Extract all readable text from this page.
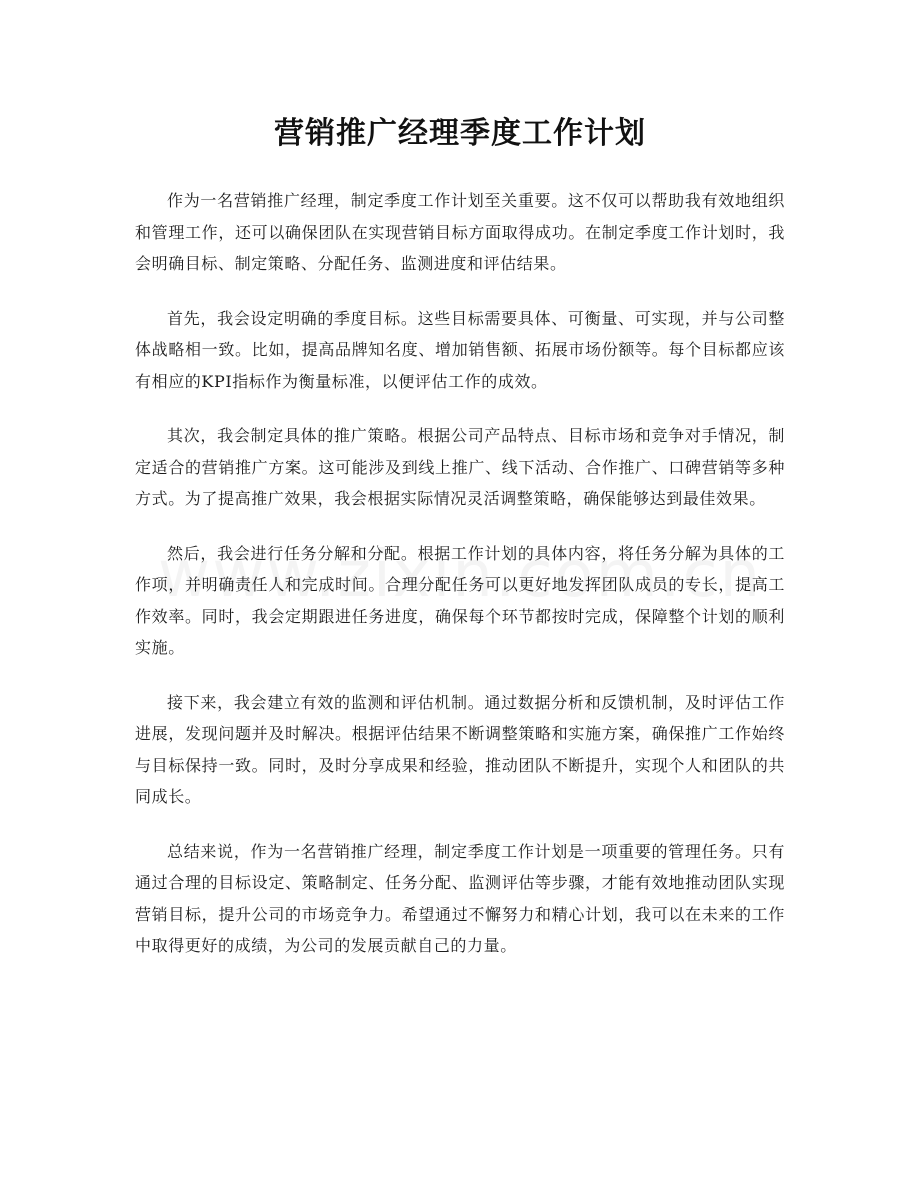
营销推广经理季度工作计划

作为一名营销推广经理，制定季度工作计划至关重要。这不仅可以帮助我有效地组织和管理工作，还可以确保团队在实现营销目标方面取得成功。在制定季度工作计划时，我会明确目标、制定策略、分配任务、监测进度和评估结果。

首先，我会设定明确的季度目标。这些目标需要具体、可衡量、可实现，并与公司整体战略相一致。比如，提高品牌知名度、增加销售额、拓展市场份额等。每个目标都应该有相应的KPI指标作为衡量标准，以便评估工作的成效。

其次，我会制定具体的推广策略。根据公司产品特点、目标市场和竞争对手情况，制定适合的营销推广方案。这可能涉及到线上推广、线下活动、合作推广、口碑营销等多种方式。为了提高推广效果，我会根据实际情况灵活调整策略，确保能够达到最佳效果。

然后，我会进行任务分解和分配。根据工作计划的具体内容，将任务分解为具体的工作项，并明确责任人和完成时间。合理分配任务可以更好地发挥团队成员的专长，提高工作效率。同时，我会定期跟进任务进度，确保每个环节都按时完成，保障整个计划的顺利实施。

接下来，我会建立有效的监测和评估机制。通过数据分析和反馈机制，及时评估工作进展，发现问题并及时解决。根据评估结果不断调整策略和实施方案，确保推广工作始终与目标保持一致。同时，及时分享成果和经验，推动团队不断提升，实现个人和团队的共同成长。

总结来说，作为一名营销推广经理，制定季度工作计划是一项重要的管理任务。只有通过合理的目标设定、策略制定、任务分配、监测评估等步骤，才能有效地推动团队实现营销目标，提升公司的市场竞争力。希望通过不懈努力和精心计划，我可以在未来的工作中取得更好的成绩，为公司的发展贡献自己的力量。
